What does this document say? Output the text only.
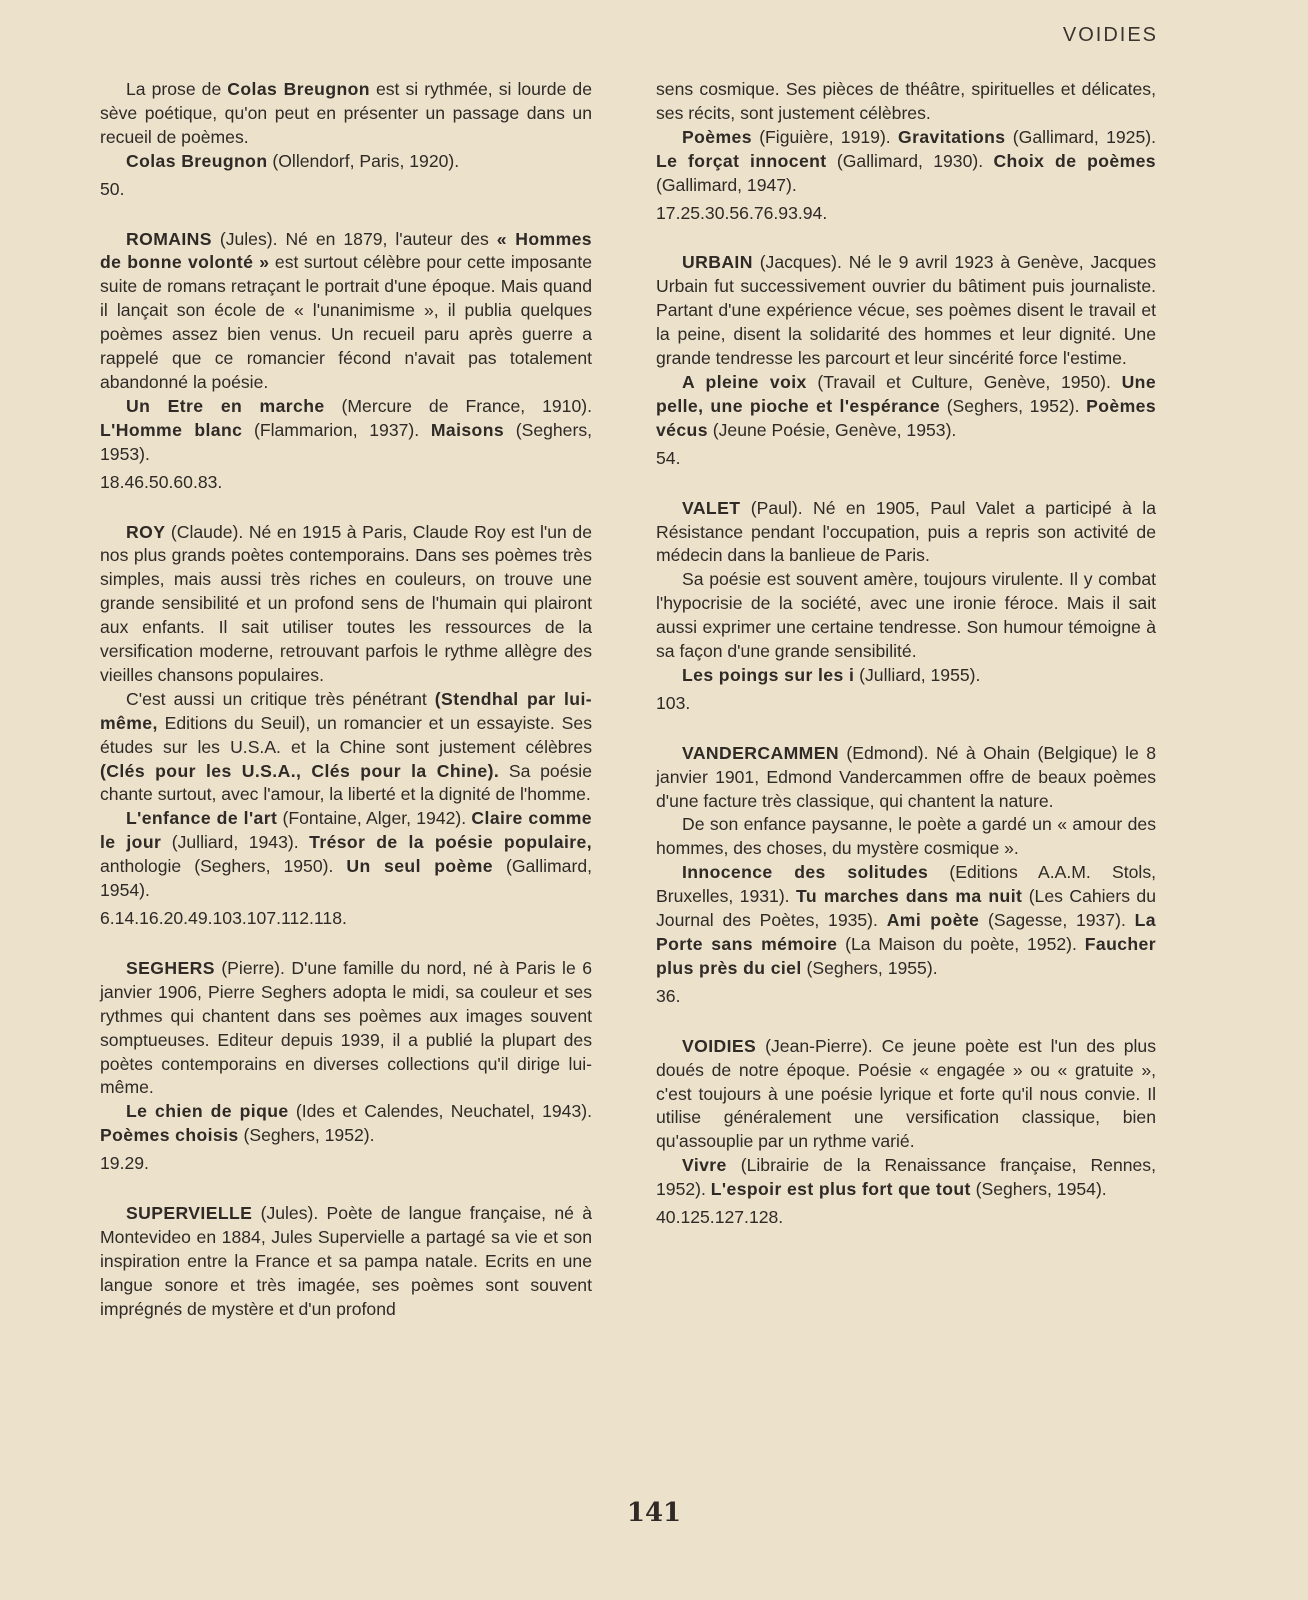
VOIDIES

La prose de Colas Breugnon est si rythmée, si lourde de sève poétique, qu'on peut en présenter un passage dans un recueil de poèmes.

Colas Breugnon (Ollendorf, Paris, 1920).

50.

ROMAINS (Jules). Né en 1879, l'auteur des « Hommes de bonne volonté » est surtout célèbre pour cette imposante suite de romans retraçant le portrait d'une époque. Mais quand il lançait son école de « l'unanimisme », il publia quelques poèmes assez bien venus. Un recueil paru après guerre a rappelé que ce romancier fécond n'avait pas totalement abandonné la poésie.

Un Etre en marche (Mercure de France, 1910). L'Homme blanc (Flammarion, 1937). Maisons (Seghers, 1953).

18.46.50.60.83.

ROY (Claude). Né en 1915 à Paris, Claude Roy est l'un de nos plus grands poètes contemporains. Dans ses poèmes très simples, mais aussi très riches en couleurs, on trouve une grande sensibilité et un profond sens de l'humain qui plairont aux enfants. Il sait utiliser toutes les ressources de la versification moderne, retrouvant parfois le rythme allègre des vieilles chansons populaires.

C'est aussi un critique très pénétrant (Stendhal par lui-même, Editions du Seuil), un romancier et un essayiste. Ses études sur les U.S.A. et la Chine sont justement célèbres (Clés pour les U.S.A., Clés pour la Chine). Sa poésie chante surtout, avec l'amour, la liberté et la dignité de l'homme.

L'enfance de l'art (Fontaine, Alger, 1942). Claire comme le jour (Julliard, 1943). Trésor de la poésie populaire, anthologie (Seghers, 1950). Un seul poème (Gallimard, 1954).

6.14.16.20.49.103.107.112.118.

SEGHERS (Pierre). D'une famille du nord, né à Paris le 6 janvier 1906, Pierre Seghers adopta le midi, sa couleur et ses rythmes qui chantent dans ses poèmes aux images souvent somptueuses. Editeur depuis 1939, il a publié la plupart des poètes contemporains en diverses collections qu'il dirige lui-même.

Le chien de pique (Ides et Calendes, Neuchatel, 1943). Poèmes choisis (Seghers, 1952).

19.29.

SUPERVIELLE (Jules). Poète de langue française, né à Montevideo en 1884, Jules Supervielle a partagé sa vie et son inspiration entre la France et sa pampa natale. Ecrits en une langue sonore et très imagée, ses poèmes sont souvent imprégnés de mystère et d'un profond

sens cosmique. Ses pièces de théâtre, spirituelles et délicates, ses récits, sont justement célèbres.

Poèmes (Figuière, 1919). Gravitations (Gallimard, 1925). Le forçat innocent (Gallimard, 1930). Choix de poèmes (Gallimard, 1947).

17.25.30.56.76.93.94.

URBAIN (Jacques). Né le 9 avril 1923 à Genève, Jacques Urbain fut successivement ouvrier du bâtiment puis journaliste. Partant d'une expérience vécue, ses poèmes disent le travail et la peine, disent la solidarité des hommes et leur dignité. Une grande tendresse les parcourt et leur sincérité force l'estime.

A pleine voix (Travail et Culture, Genève, 1950). Une pelle, une pioche et l'espérance (Seghers, 1952). Poèmes vécus (Jeune Poésie, Genève, 1953).

54.

VALET (Paul). Né en 1905, Paul Valet a participé à la Résistance pendant l'occupation, puis a repris son activité de médecin dans la banlieue de Paris.

Sa poésie est souvent amère, toujours virulente. Il y combat l'hypocrisie de la société, avec une ironie féroce. Mais il sait aussi exprimer une certaine tendresse. Son humour témoigne à sa façon d'une grande sensibilité.

Les poings sur les i (Julliard, 1955).

103.

VANDERCAMMEN (Edmond). Né à Ohain (Belgique) le 8 janvier 1901, Edmond Vandercammen offre de beaux poèmes d'une facture très classique, qui chantent la nature.

De son enfance paysanne, le poète a gardé un « amour des hommes, des choses, du mystère cosmique ».

Innocence des solitudes (Editions A.A.M. Stols, Bruxelles, 1931). Tu marches dans ma nuit (Les Cahiers du Journal des Poètes, 1935). Ami poète (Sagesse, 1937). La Porte sans mémoire (La Maison du poète, 1952). Faucher plus près du ciel (Seghers, 1955).

36.

VOIDIES (Jean-Pierre). Ce jeune poète est l'un des plus doués de notre époque. Poésie « engagée » ou « gratuite », c'est toujours à une poésie lyrique et forte qu'il nous convie. Il utilise généralement une versification classique, bien qu'assouplie par un rythme varié.

Vivre (Librairie de la Renaissance française, Rennes, 1952). L'espoir est plus fort que tout (Seghers, 1954).

40.125.127.128.

141
